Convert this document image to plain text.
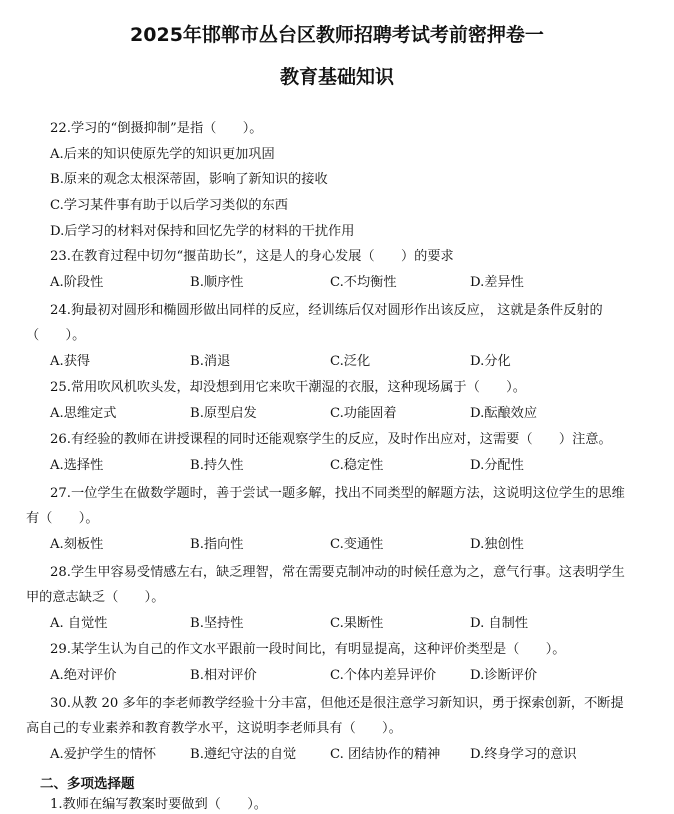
2025年邯郸市丛台区教师招聘考试考前密押卷一
教育基础知识
22.学习的“倒摄抑制”是指（　　）。
A.后来的知识使原先学的知识更加巩固
B.原来的观念太根深蒂固，影响了新知识的接收
C.学习某件事有助于以后学习类似的东西
D.后学习的材料对保持和回忆先学的材料的干扰作用
23.在教育过程中切勿“揠苗助长”，这是人的身心发展（　　）的要求
A.阶段性	B.顺序性	C.不均衡性	D.差异性
24.狗最初对圆形和椭圆形做出同样的反应，经训练后仅对圆形作出该反应， 这就是条件反射的
（　　）。
A.获得	B.消退	C.泛化	D.分化
25.常用吹风机吹头发，却没想到用它来吹干潮湿的衣服，这种现场属于（　　）。
A.思维定式	B.原型启发	C.功能固着	D.酝酿效应
26.有经验的教师在讲授课程的同时还能观察学生的反应，及时作出应对，这需要（　　）注意。
A.选择性	B.持久性	C.稳定性	D.分配性
27.一位学生在做数学题时，善于尝试一题多解，找出不同类型的解题方法，这说明这位学生的思维
有（　　）。
A.刻板性	B.指向性	C.变通性	D.独创性
28.学生甲容易受情感左右，缺乏理智，常在需要克制冲动的时候任意为之，意气行事。这表明学生
甲的意志缺乏（　　）。
A. 自觉性	B.坚持性	C.果断性	D. 自制性
29.某学生认为自己的作文水平跟前一段时间比，有明显提高，这种评价类型是（　　）。
A.绝对评价	B.相对评价	C.个体内差异评价	D.诊断评价
30.从教 20 多年的李老师教学经验十分丰富，但他还是很注意学习新知识，勇于探索创新，不断提
高自己的专业素养和教育教学水平，这说明李老师具有（　　）。
A.爱护学生的情怀	B.遵纪守法的自觉	C. 团结协作的精神 D.终身学习的意识
二、多项选择题
1.教师在编写教案时要做到（　　）。
